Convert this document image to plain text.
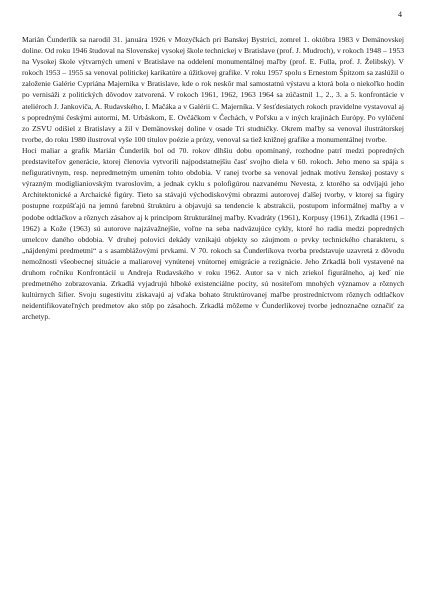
4

Marián Čunderlík sa narodil 31. januára 1926 v Mozyčkách pri Banskej Bystrici, zomrel 1. októbra 1983 v Demänovskej doline. Od roku 1946 študoval na Slovenskej vysokej škole technickej v Bratislave (prof. J. Mudroch), v rokoch 1948 – 1953 na Vysokej škole výtvarných umení v Bratislave na oddelení monumentálnej maľby (prof. E. Fulla, prof. J. Želibský). V rokoch 1953 – 1955 sa venoval politickej karikatúre a úžitkovej grafike. V roku 1957 spolu s Ernestom Špitzom sa zaslúžil o založenie Galérie Cypriána Majerníka v Bratislave, kde o rok neskôr mal samostatnú výstavu a ktorá bola o niekoľko hodín po vernisáži z politických dôvodov zatvorená. V rokoch 1961, 1962, 1963 1964 sa zúčastnil 1., 2., 3. a 5. konfrontácie v ateliéroch J. Jankoviča, A. Rudavského, I. Mačáka a v Galérii C. Majerníka. V šesťdesiatych rokoch pravidelne vystavoval aj s poprednými českými autormi, M. Urbáskom, E. Ovčáčkom v Čechách, v Poľsku a v iných krajinách Európy. Po vylúčení zo ZSVU odišiel z Bratislavy a žil v Demänovskej doline v osade Tri studničky. Okrem maľby sa venoval ilustrátorskej tvorbe, do roku 1980 ilustroval vyše 100 titulov poézie a prózy, venoval sa tiež knižnej grafike a monumentálnej tvorbe.

Hoci maliar a grafik Marián Čunderlík bol od 70. rokov dlhšiu dobu opomínaný, rozhodne patrí medzi popredných predstaviteľov generácie, ktorej členovia vytvorili najpodstatnejšiu časť svojho diela v 60. rokoch. Jeho meno sa spája s nefigurativnym, resp. nepredmetným umením tohto obdobia. V ranej tvorbe sa venoval jednak motívu ženskej postavy s výrazným modiglianiovským tvaroslovím, a jednak cyklu s polofigúrou nazvanému Nevesta, z ktorého sa odvíjajú jeho Architektonické a Archaické figúry. Tieto sa stávajú východiskovými obrazmi autorovej ďalšej tvorby, v ktorej sa figúry postupne rozpúšťajú na jemnú farebnú štruktúru a objavujú sa tendencie k abstrakcii, postupom informálnej maľby a v podobe odtlačkov a rôznych zásahov aj k princípom štrukturálnej maľby. Kvadráty (1961), Korpusy (1961), Zrkadlá (1961 – 1962) a Kože (1963) sú autorove najzávažnejšie, voľne na seba nadväzujúce cykly, ktoré ho radia medzi popredných umelcov daného obdobia. V druhej polovici dekády vznikajú objekty so záujmom o prvky technického charakteru, s „nájdenými predmetmi“ a s asamblážovými prvkami. V 70. rokoch sa Čunderlíkova tvorba predstavuje uzavretá z dôvodu nemožnosti všeobecnej situácie a maliarovej vynútenej vnútornej emigrácie a rezignácie. Jeho Zrkadlá boli vystavené na druhom ročníku Konfrontácií u Andreja Rudavského v roku 1962. Autor sa v nich zriekol figurálneho, aj keď nie predmetného zobrazovania. Zrkadlá vyjadrujú hlboké existenciálne pocity, sú nositeľom mnohých významov a rôznych kultúrnych šifier. Svoju sugestivitu získavajú aj vďaka bohato štruktúrovanej maľbe prostredníctvom rôznych odtlačkov neidentifikovateľných predmetov ako stôp po zásahoch. Zrkadlá môžeme v Čunderlíkovej tvorbe jednoznačne označiť za archetyp.
